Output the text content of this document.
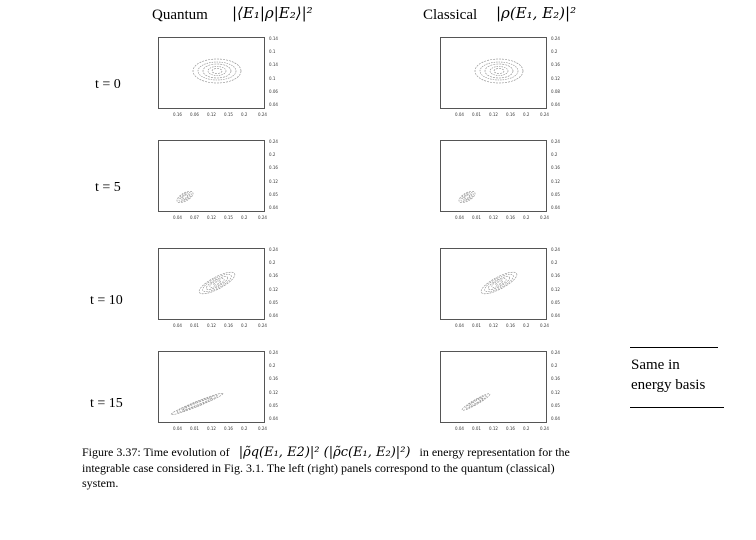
Quantum |⟨E₁|ρ|E₂⟩|²	Classical |ρ(E₁, E₂)|²
t = 0
t = 5
t = 10
t = 15
0.14
0.1
0.14
0.1
0.06
0.04
0.16 0.06 0.12 0.15 0.2	0.24
0.24
0.2
0.16
0.12
0.08
0.04
0.04 0.01 0.12 0.16 0.2	0.24
0.24
0.2
0.16
0.12
0.05
0.04
0.04 0.07 0.12 0.15 0.2	0.24
0.24
0.2
0.16
0.12
0.05
0.04
0.04 0.01 0.12 0.16 0.2	0.24
0.24
0.2
0.16
0.12
0.05
0.04
0.04 0.01 0.12 0.16 0.2	0.24
0.24
0.2
0.16
0.12
0.05
0.04
0.04 0.01 0.12 0.16 0.2	0.24
0.24
0.2
0.16
0.12
0.05
0.04
0.04 0.01 0.12 0.16 0.2	0.24
0.24
0.2
0.16
0.12
0.05
0.04
0.04 0.01 0.12 0.16 0.2	0.24
Same in
energy basis
Figure 3.37: Time evolution of |ρ̃q(E₁, E2)|² (|ρ̃c(E₁, E₂)|²) in energy representation for the
integrable case considered in Fig. 3.1. The left (right) panels correspond to the quantum (classical)
system.
